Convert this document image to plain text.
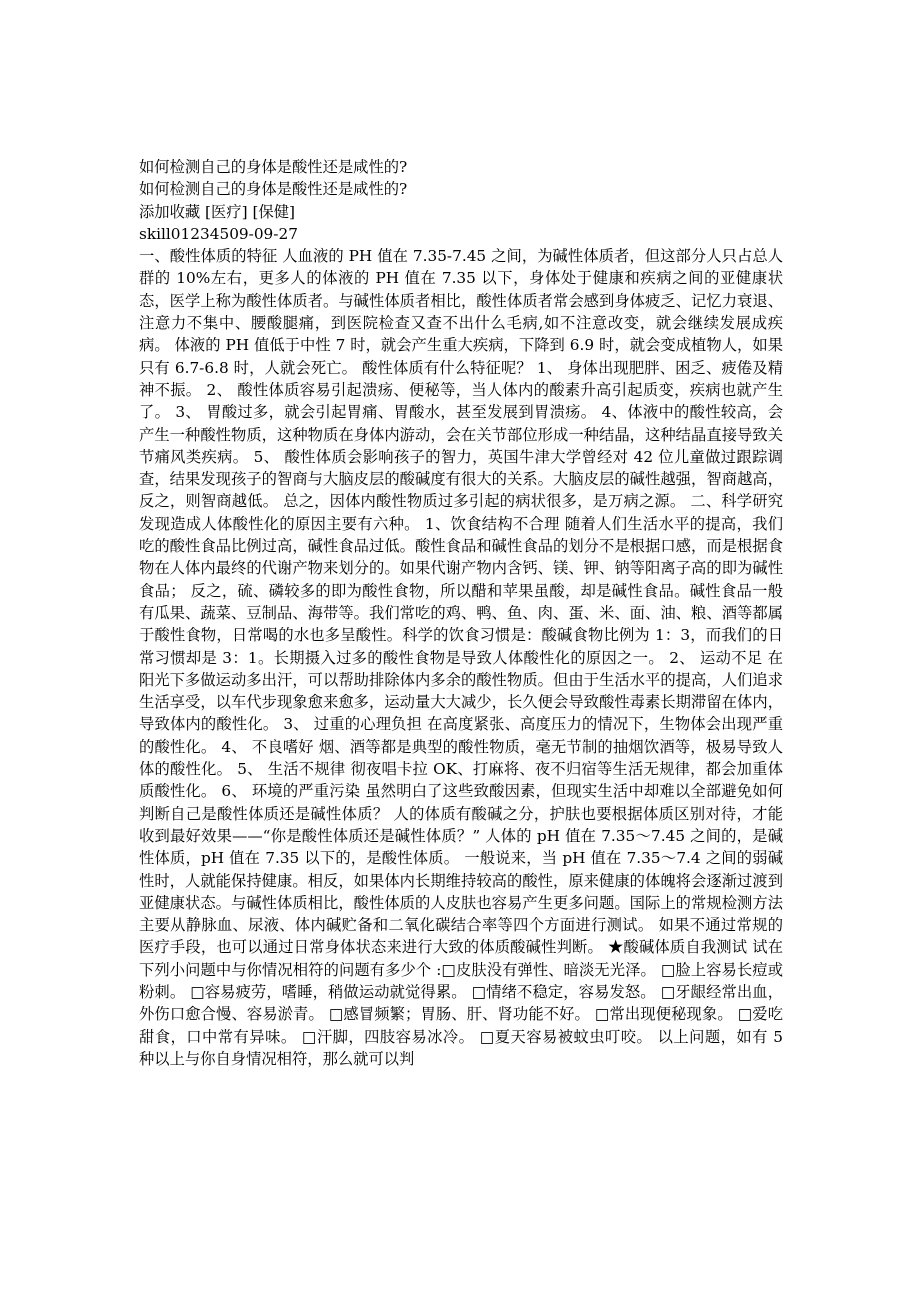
如何检测自己的身体是酸性还是咸性的?
如何检测自己的身体是酸性还是咸性的?
添加收藏 [医疗] [保健]
skill01234509-09-27
一、酸性体质的特征 人血液的 PH 值在 7.35-7.45 之间，为碱性体质者，但这部分人只占总人群的 10%左右，更多人的体液的 PH 值在 7.35 以下，身体处于健康和疾病之间的亚健康状态，医学上称为酸性体质者。与碱性体质者相比，酸性体质者常会感到身体疲乏、记忆力衰退、注意力不集中、腰酸腿痛，到医院检查又查不出什么毛病,如不注意改变，就会继续发展成疾病。 体液的 PH 值低于中性 7 时，就会产生重大疾病，下降到 6.9 时，就会变成植物人，如果只有 6.7-6.8 时，人就会死亡。 酸性体质有什么特征呢？ 1、 身体出现肥胖、困乏、疲倦及精神不振。 2、 酸性体质容易引起溃疡、便秘等，当人体内的酸素升高引起质变，疾病也就产生了。 3、 胃酸过多，就会引起胃痛、胃酸水，甚至发展到胃溃疡。 4、体液中的酸性较高，会产生一种酸性物质，这种物质在身体内游动，会在关节部位形成一种结晶，这种结晶直接导致关节痛风类疾病。 5、 酸性体质会影响孩子的智力，英国牛津大学曾经对 42 位儿童做过跟踪调查，结果发现孩子的智商与大脑皮层的酸碱度有很大的关系。大脑皮层的碱性越强，智商越高，反之，则智商越低。 总之，因体内酸性物质过多引起的病状很多，是万病之源。 二、科学研究发现造成人体酸性化的原因主要有六种。 1、饮食结构不合理 随着人们生活水平的提高，我们吃的酸性食品比例过高，碱性食品过低。酸性食品和碱性食品的划分不是根据口感，而是根据食物在人体内最终的代谢产物来划分的。如果代谢产物内含钙、镁、钾、钠等阳离子高的即为碱性食品； 反之，硫、磷较多的即为酸性食物，所以醋和苹果虽酸，却是碱性食品。碱性食品一般有瓜果、蔬菜、豆制品、海带等。我们常吃的鸡、鸭、鱼、肉、蛋、米、面、油、粮、酒等都属于酸性食物，日常喝的水也多呈酸性。科学的饮食习惯是：酸碱食物比例为 1：3，而我们的日常习惯却是 3：1。长期摄入过多的酸性食物是导致人体酸性化的原因之一。 2、 运动不足 在阳光下多做运动多出汗，可以帮助排除体内多余的酸性物质。但由于生活水平的提高，人们追求生活享受，以车代步现象愈来愈多，运动量大大减少，长久便会导致酸性毒素长期滞留在体内，导致体内的酸性化。 3、 过重的心理负担 在高度紧张、高度压力的情况下，生物体会出现严重的酸性化。 4、 不良嗜好 烟、酒等都是典型的酸性物质，毫无节制的抽烟饮酒等，极易导致人体的酸性化。 5、 生活不规律 彻夜唱卡拉 OK、打麻将、夜不归宿等生活无规律，都会加重体质酸性化。 6、 环境的严重污染 虽然明白了这些致酸因素，但现实生活中却难以全部避免如何判断自己是酸性体质还是碱性体质？ 人的体质有酸碱之分，护肤也要根据体质区别对待，才能收到最好效果——“你是酸性体质还是碱性体质？” 人体的 pH 值在 7.35～7.45 之间的，是碱性体质，pH 值在 7.35 以下的，是酸性体质。 一般说来，当 pH 值在 7.35～7.4 之间的弱碱性时，人就能保持健康。相反，如果体内长期维持较高的酸性，原来健康的体魄将会逐渐过渡到亚健康状态。与碱性体质相比，酸性体质的人皮肤也容易产生更多问题。国际上的常规检测方法主要从静脉血、尿液、体内碱贮备和二氧化碳结合率等四个方面进行测试。 如果不通过常规的医疗手段，也可以通过日常身体状态来进行大致的体质酸碱性判断。 ★酸碱体质自我测试 试在下列小问题中与你情况相符的问题有多少个 :□皮肤没有弹性、暗淡无光泽。 □脸上容易长痘或粉刺。 □容易疲劳，嗜睡，稍做运动就觉得累。 □情绪不稳定，容易发怒。 □牙龈经常出血，外伤口愈合慢、容易淤青。 □感冒频繁；胃肠、肝、肾功能不好。 □常出现便秘现象。 □爱吃甜食，口中常有异味。 □汗脚，四肢容易冰冷。 □夏天容易被蚊虫叮咬。 以上问题，如有 5 种以上与你自身情况相符，那么就可以判
